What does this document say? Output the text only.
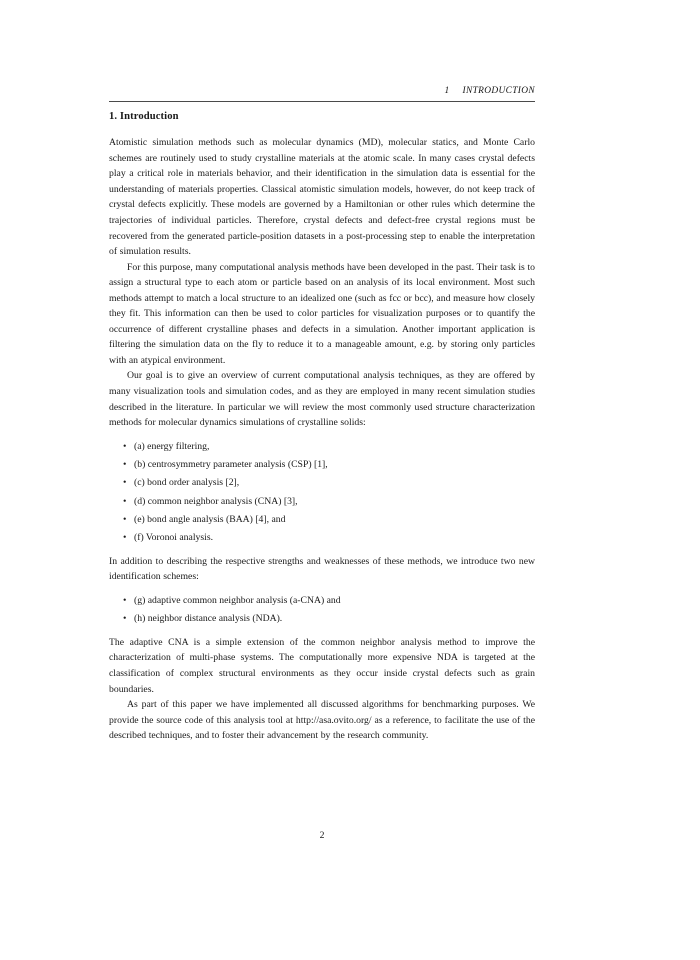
1 INTRODUCTION
1. Introduction

Atomistic simulation methods such as molecular dynamics (MD), molecular statics, and Monte Carlo schemes are routinely used to study crystalline materials at the atomic scale. In many cases crystal defects play a critical role in materials behavior, and their identification in the simulation data is essential for the understanding of materials properties. Classical atomistic simulation models, however, do not keep track of crystal defects explicitly. These models are governed by a Hamiltonian or other rules which determine the trajectories of individual particles. Therefore, crystal defects and defect-free crystal regions must be recovered from the generated particle-position datasets in a post-processing step to enable the interpretation of simulation results.

For this purpose, many computational analysis methods have been developed in the past. Their task is to assign a structural type to each atom or particle based on an analysis of its local environment. Most such methods attempt to match a local structure to an idealized one (such as fcc or bcc), and measure how closely they fit. This information can then be used to color particles for visualization purposes or to quantify the occurrence of different crystalline phases and defects in a simulation. Another important application is filtering the simulation data on the fly to reduce it to a manageable amount, e.g. by storing only particles with an atypical environment.

Our goal is to give an overview of current computational analysis techniques, as they are offered by many visualization tools and simulation codes, and as they are employed in many recent simulation studies described in the literature. In particular we will review the most commonly used structure characterization methods for molecular dynamics simulations of crystalline solids:

• (a) energy filtering,
• (b) centrosymmetry parameter analysis (CSP) [1],
• (c) bond order analysis [2],
• (d) common neighbor analysis (CNA) [3],
• (e) bond angle analysis (BAA) [4], and
• (f) Voronoi analysis.

In addition to describing the respective strengths and weaknesses of these methods, we introduce two new identification schemes:

• (g) adaptive common neighbor analysis (a-CNA) and
• (h) neighbor distance analysis (NDA).

The adaptive CNA is a simple extension of the common neighbor analysis method to improve the characterization of multi-phase systems. The computationally more expensive NDA is targeted at the classification of complex structural environments as they occur inside crystal defects such as grain boundaries.

As part of this paper we have implemented all discussed algorithms for benchmarking purposes. We provide the source code of this analysis tool at http://asa.ovito.org/ as a reference, to facilitate the use of the described techniques, and to foster their advancement by the research community.

2
